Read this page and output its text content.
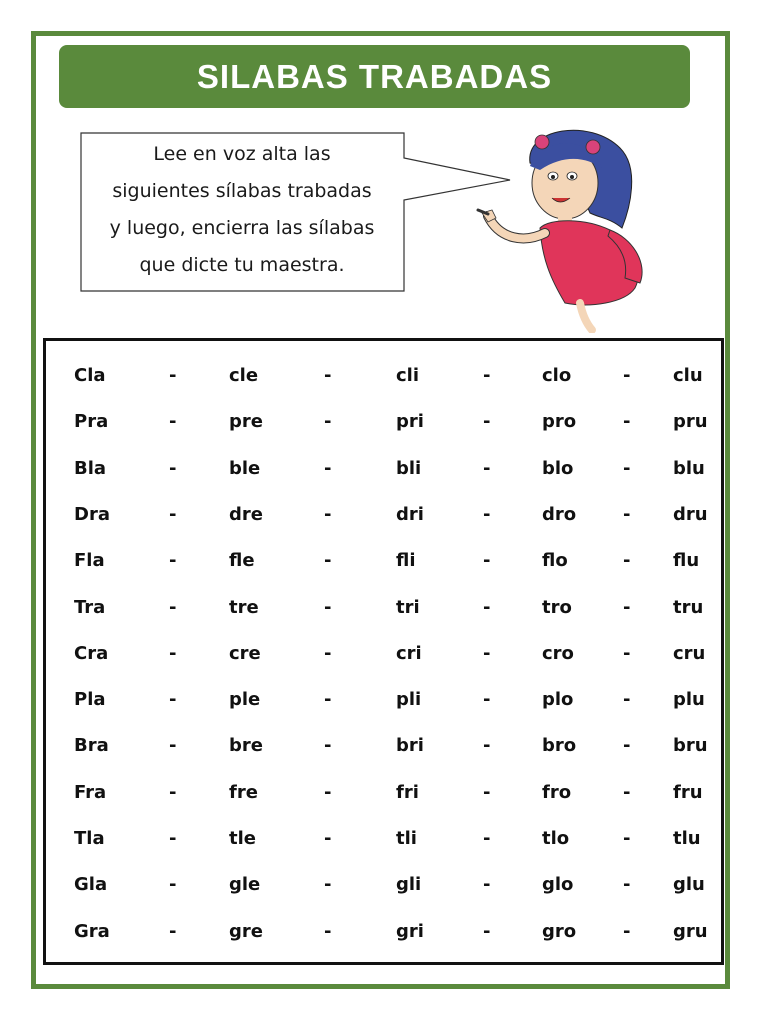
SILABAS TRABADAS
Lee en voz alta las
siguientes sílabas trabadas
y luego, encierra las sílabas
que dicte tu maestra.
Cla	-	cle	-	cli	-	clo	- clu
Pra	-	pre	-	pri	-	pro	- pru
Bla	-	ble	-	bli	-	blo	- blu
Dra	-	dre	-	dri	-	dro	- dru
Fla	-	fle	-	fli	-	flo	- flu
Tra	-	tre	-	tri	-	tro	- tru
Cra	-	cre	-	cri	-	cro	- cru
Pla	-	ple	-	pli	-	plo	- plu
Bra	-	bre	-	bri	-	bro	- bru
Fra	-	fre	-	fri	-	fro	- fru
Tla	-	tle	-	tli	-	tlo	- tlu
Gla	-	gle	-	gli	-	glo	- glu
Gra	-	gre	-	gri	-	gro	- gru
